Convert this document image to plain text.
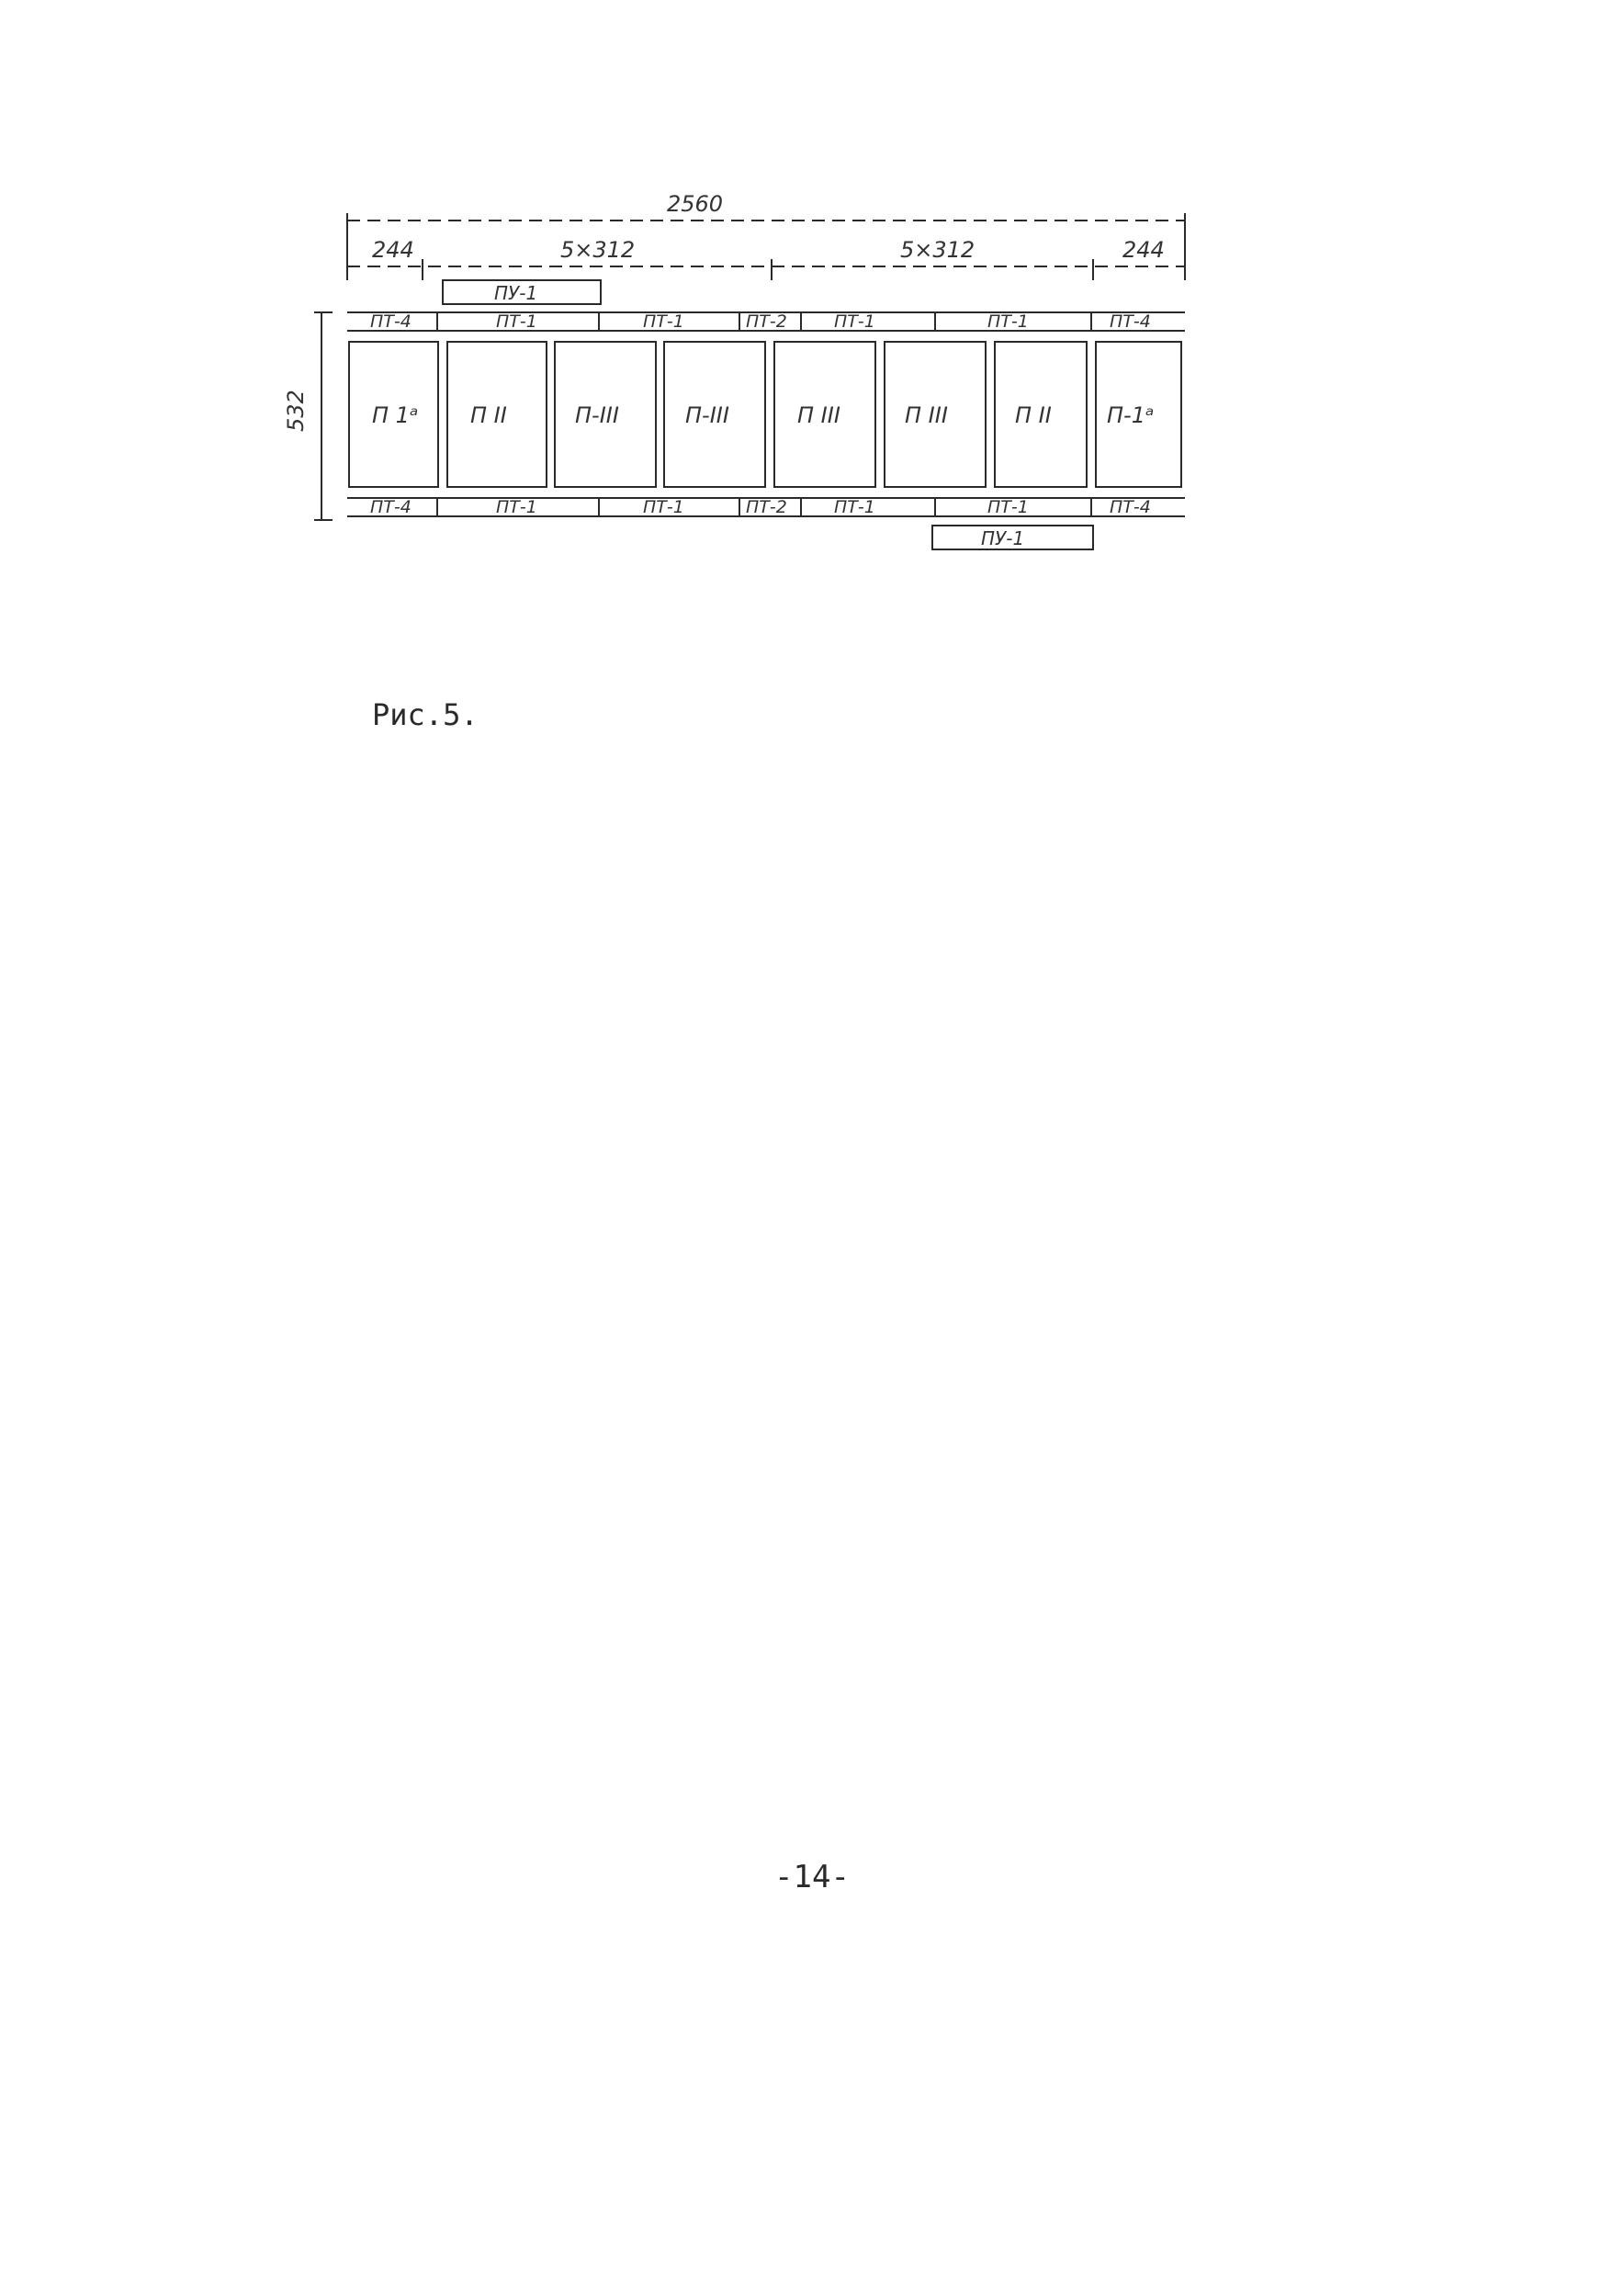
2560
244	5×312	5×312	244
ПУ-1
ПУ-1
532
ПТ-4	ПТ-1	ПТ-1	ПТ-2	ПТ-1	ПТ-1	ПТ-4
ПТ-4	ПТ-1	ПТ-1	ПТ-2	ПТ-1	ПТ-1	ПТ-4
П 1ᵃ П II	П-III	П-III	П III	П III	П II	П-1ᵃ
Рис.5.
-14-
